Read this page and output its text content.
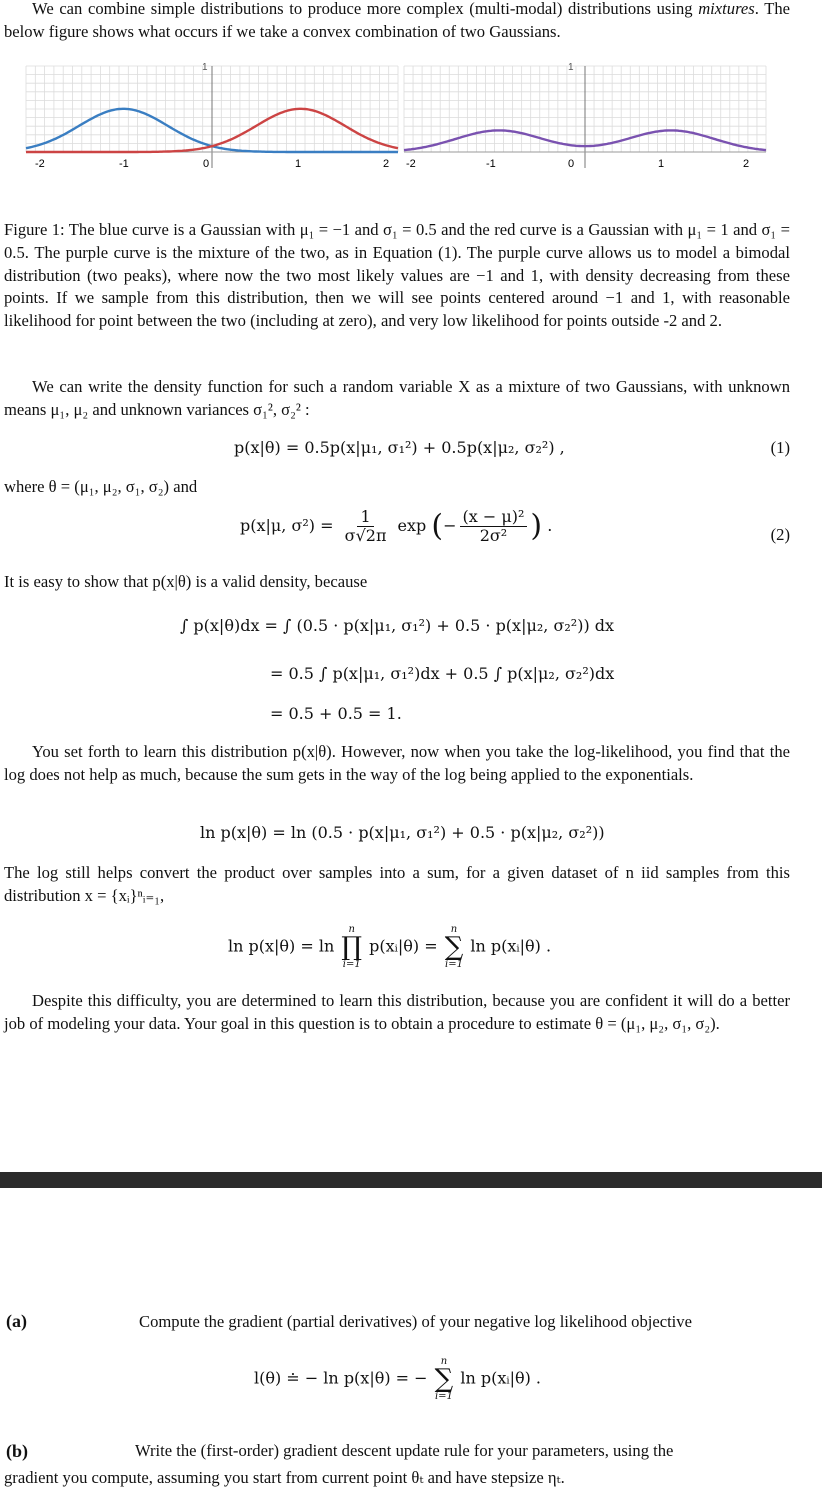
We can combine simple distributions to produce more complex (multi-modal) distributions using mixtures. The below figure shows what occurs if we take a convex combination of two Gaussians.
1
-2	-1	0	1	2
1
-2	-1	0	1	2
Figure 1: The blue curve is a Gaussian with μ₁ = −1 and σ₁ = 0.5 and the red curve is a Gaussian with μ₁ = 1 and σ₁ = 0.5. The purple curve is the mixture of the two, as in Equation (1). The purple curve allows us to model a bimodal distribution (two peaks), where now the two most likely values are −1 and 1, with density decreasing from these points. If we sample from this distribution, then we will see points centered around −1 and 1, with reasonable likelihood for point between the two (including at zero), and very low likelihood for points outside -2 and 2.
We can write the density function for such a random variable X as a mixture of two Gaussians, with unknown means μ₁, μ₂ and unknown variances σ₁², σ₂² :
p(x|θ) = 0.5p(x|μ₁, σ₁²) + 0.5p(x|μ₂, σ₂²) ,	(1)
where θ = (μ₁, μ₂, σ₁, σ₂) and
p(x|μ, $\sigma^2) = \frac{1}{\sigma√2\pi}$ exp (− $\frac{\text{(x − μ)²}}{\text{2σ²}}$ ) .	(2)
It is easy to show that p(x|θ) is a valid density, because
∫ p(x|θ)dx = ∫ (0.5 · p(x|μ₁, σ₁²) + 0.5 · p(x|μ₂, σ₂²)) dx
= 0.5 ∫ p(x|μ₁, σ₁²)dx + 0.5 ∫ p(x|μ₂, σ₂²)dx
= 0.5 + 0.5 = 1.
You set forth to learn this distribution p(x|θ). However, now when you take the log-likelihood, you find that the log does not help as much, because the sum gets in the way of the log being applied to the exponentials.
ln p(x|θ) = ln (0.5 · p(x|μ₁, σ₁²) + 0.5 · p(x|μ₂, σ₂²))
The log still helps convert the product over samples into a sum, for a given dataset of n iid samples from this distribution x = {xᵢ}ⁿᵢ₌₁,
ln p(x|θ) = ln
n
∏
i=1
p(xᵢ|θ) =
n
∑
i=1
ln p(xᵢ|θ) .
Despite this difficulty, you are determined to learn this distribution, because you are confident it will do a better job of modeling your data. Your goal in this question is to obtain a procedure to estimate θ = (μ₁, μ₂, σ₁, σ₂).
(a)	Compute the gradient (partial derivatives) of your negative log likelihood objective
l(θ) ≐ − ln p(x|θ) = −
n
∑
i=1
ln p(xᵢ|θ) .
(b)	Write the (first-order) gradient descent update rule for your parameters, using the
gradient you compute, assuming you start from current point θₜ and have stepsize ηₜ.
